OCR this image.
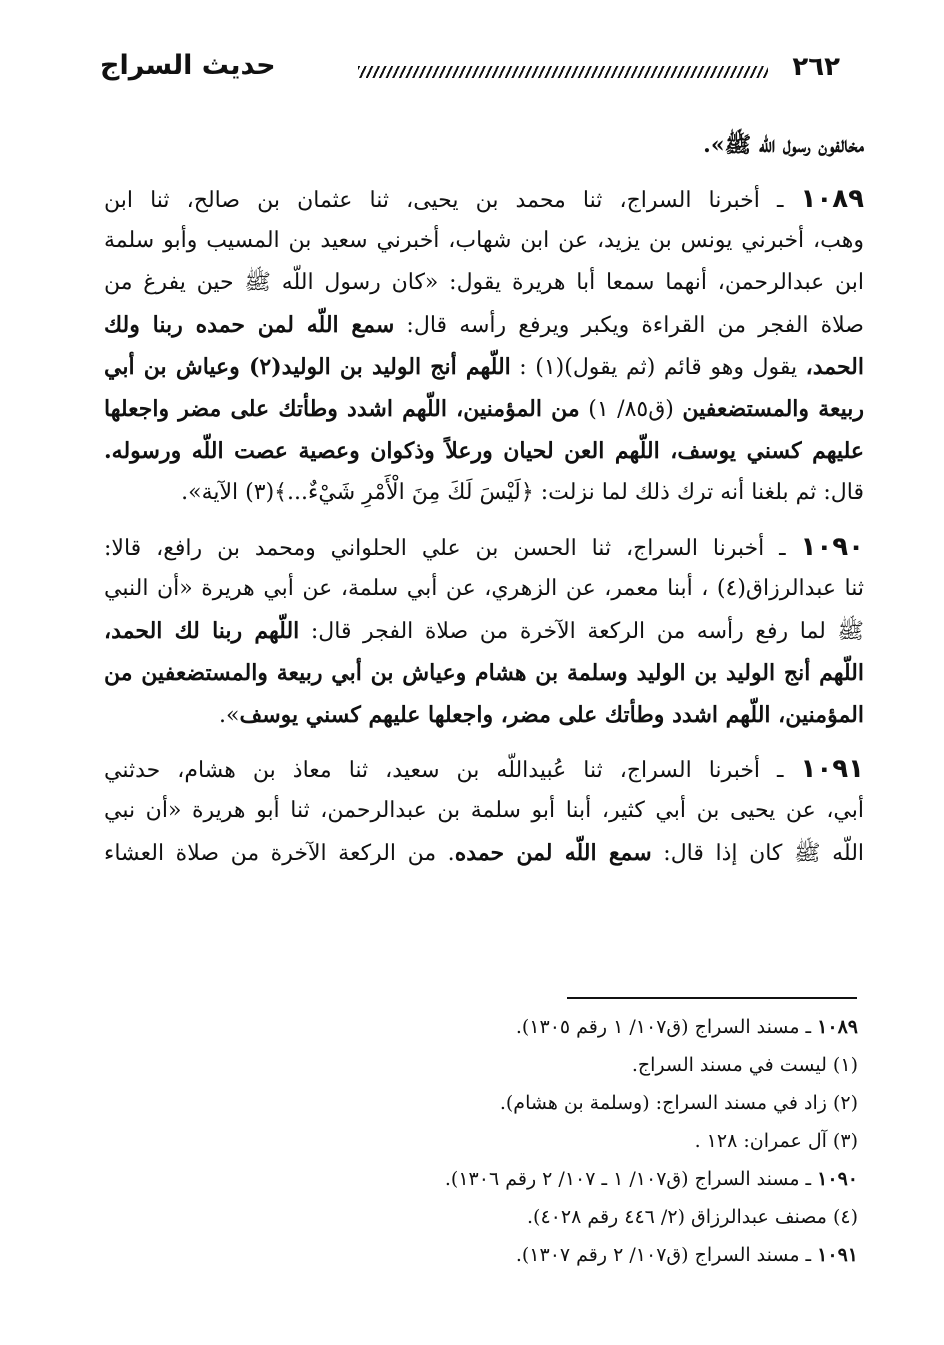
٢٦٢
حديث السراج
مخالفون رسول اللّه ﷺ».
١٠٨٩ ـ أخبرنا السراج، ثنا محمد بن يحيى، ثنا عثمان بن صالح، ثنا ابن
وهب، أخبرني يونس بن يزيد، عن ابن شهاب، أخبرني سعيد بن المسيب وأبو سلمة
ابن عبدالرحمن، أنهما سمعا أبا هريرة يقول: «كان رسول اللّه ﷺ حين يفرغ من
صلاة الفجر من القراءة ويكبر ويرفع رأسه قال: سمع اللّه لمن حمده ربنا ولك
الحمد، يقول وهو قائم (ثم يقول)(١) : اللّهم أنج الوليد بن الوليد(٢) وعياش بن أبي
ربيعة والمستضعفين (ق٨٥/ ١) من المؤمنين، اللّهم اشدد وطأتك على مضر واجعلها
عليهم كسني يوسف، اللّهم العن لحيان ورعلاً وذكوان وعصية عصت اللّه ورسوله.
قال: ثم بلغنا أنه ترك ذلك لما نزلت: ﴿لَيْسَ لَكَ مِنَ الْأَمْرِ شَيْءٌ...﴾(٣) الآية».
١٠٩٠ ـ أخبرنا السراج، ثنا الحسن بن علي الحلواني ومحمد بن رافع، قالا:
ثنا عبدالرزاق(٤) ، أبنا معمر، عن الزهري، عن أبي سلمة، عن أبي هريرة «أن النبي
ﷺ لما رفع رأسه من الركعة الآخرة من صلاة الفجر قال: اللّهم ربنا لك الحمد،
اللّهم أنج الوليد بن الوليد وسلمة بن هشام وعياش بن أبي ربيعة والمستضعفين من
المؤمنين، اللّهم اشدد وطأتك على مضر، واجعلها عليهم كسني يوسف».
١٠٩١ ـ أخبرنا السراج، ثنا عُبيداللّه بن سعيد، ثنا معاذ بن هشام، حدثني
أبي، عن يحيى بن أبي كثير، أبنا أبو سلمة بن عبدالرحمن، ثنا أبو هريرة «أن نبي
اللّه ﷺ كان إذا قال: سمع اللّه لمن حمده. من الركعة الآخرة من صلاة العشاء
١٠٨٩ ـ مسند السراج (ق١٠٧/ ١ رقم ١٣٠٥).
(١) ليست في مسند السراج.
(٢) زاد في مسند السراج: (وسلمة بن هشام).
(٣) آل عمران: ١٢٨ .
١٠٩٠ ـ مسند السراج (ق١٠٧/ ١ ـ ١٠٧/ ٢ رقم ١٣٠٦).
(٤) مصنف عبدالرزاق (٢/ ٤٤٦ رقم ٤٠٢٨).
١٠٩١ ـ مسند السراج (ق١٠٧/ ٢ رقم ١٣٠٧).
